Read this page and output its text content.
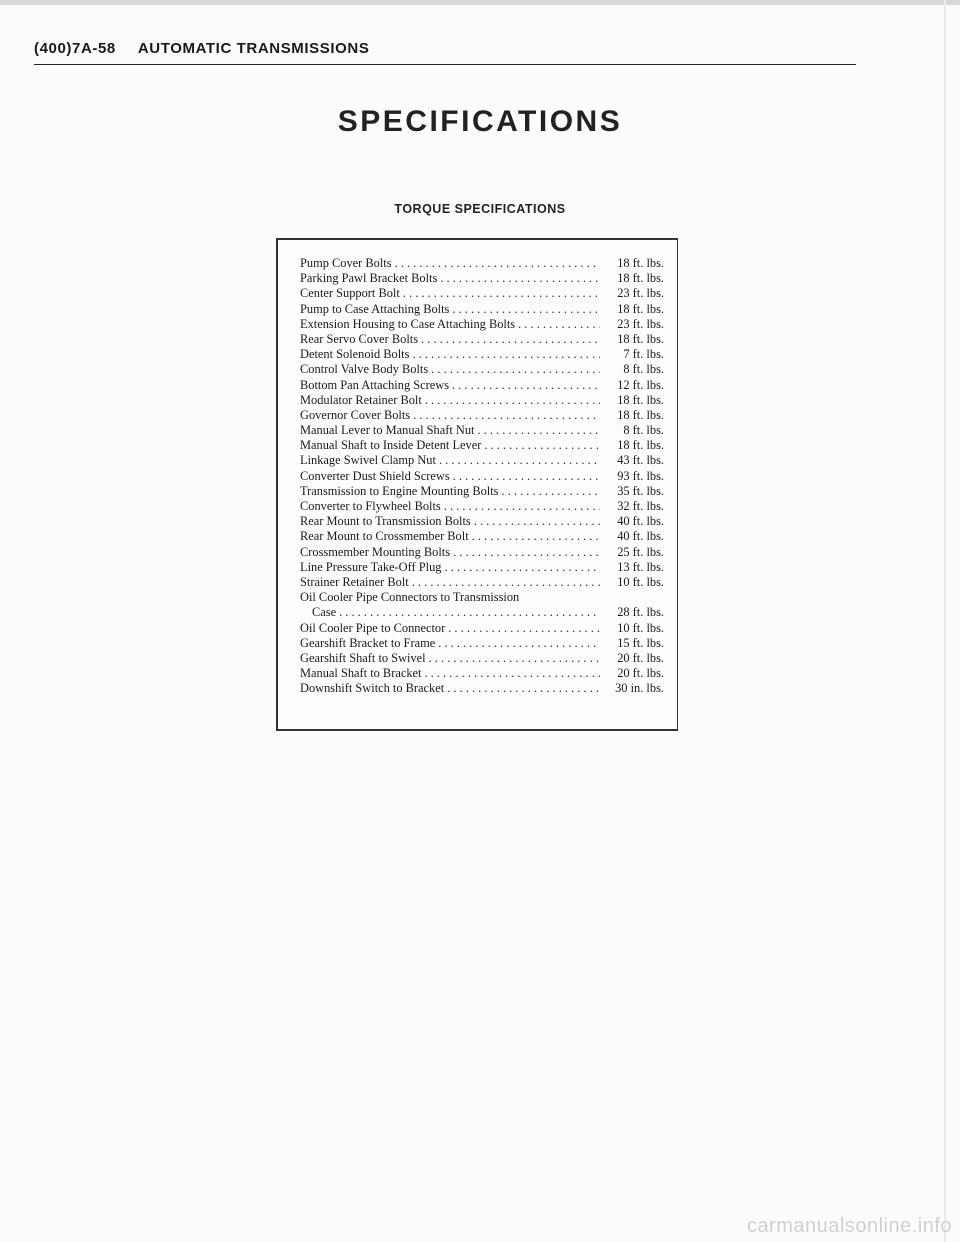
(400)7A-58 AUTOMATIC TRANSMISSIONS
SPECIFICATIONS
TORQUE SPECIFICATIONS
Pump Cover Bolts . . .	18 ft. lbs.
Parking Pawl Bracket Bolts . . .	18 ft. lbs.
Center Support Bolt . . .	23 ft. lbs.
Pump to Case Attaching Bolts . . .	18 ft. lbs.
Extension Housing to Case Attaching Bolts . . .	23 ft. lbs.
Rear Servo Cover Bolts . . .	18 ft. lbs.
Detent Solenoid Bolts . . .	7 ft. lbs.
Control Valve Body Bolts . . .	8 ft. lbs.
Bottom Pan Attaching Screws . . .	12 ft. lbs.
Modulator Retainer Bolt . . .	18 ft. lbs.
Governor Cover Bolts . . .	18 ft. lbs.
Manual Lever to Manual Shaft Nut . . .	8 ft. lbs.
Manual Shaft to Inside Detent Lever . . .	18 ft. lbs.
Linkage Swivel Clamp Nut . . .	43 ft. lbs.
Converter Dust Shield Screws . . .	93 ft. lbs.
Transmission to Engine Mounting Bolts . . .	35 ft. lbs.
Converter to Flywheel Bolts . . .	32 ft. lbs.
Rear Mount to Transmission Bolts . . .	40 ft. lbs.
Rear Mount to Crossmember Bolt . . .	40 ft. lbs.
Crossmember Mounting Bolts . . .	25 ft. lbs.
Line Pressure Take-Off Plug . . .	13 ft. lbs.
Strainer Retainer Bolt . . .	10 ft. lbs.
Oil Cooler Pipe Connectors to Transmission
Case . . .	28 ft. lbs.
Oil Cooler Pipe to Connector . . .	10 ft. lbs.
Gearshift Bracket to Frame . . .	15 ft. lbs.
Gearshift Shaft to Swivel . . .	20 ft. lbs.
Manual Shaft to Bracket . . .	20 ft. lbs.
Downshift Switch to Bracket . . .	30 in. lbs.
carmanualsonline.info
